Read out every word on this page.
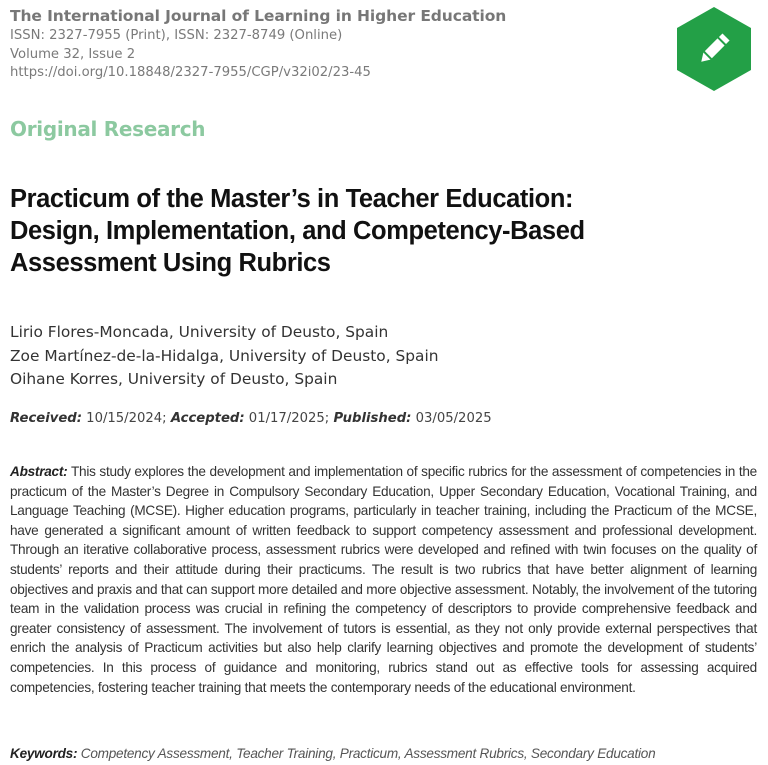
The International Journal of Learning in Higher Education
ISSN: 2327-7955 (Print), ISSN: 2327-8749 (Online)
Volume 32, Issue 2
https://doi.org/10.18848/2327-7955/CGP/v32i02/23-45
Original Research
Practicum of the Master’s in Teacher Education:
Design, Implementation, and Competency-Based
Assessment Using Rubrics
Lirio Flores-Moncada, University of Deusto, Spain
Zoe Martínez-de-la-Hidalga, University of Deusto, Spain
Oihane Korres, University of Deusto, Spain
Received: 10/15/2024; Accepted: 01/17/2025; Published: 03/05/2025
Abstract: This study explores the development and implementation of specific rubrics for the assessment of competencies in the practicum of the Master’s Degree in Compulsory Secondary Education, Upper Secondary Education, Vocational Training, and Language Teaching (MCSE). Higher education programs, particularly in teacher training, including the Practicum of the MCSE, have generated a significant amount of written feedback to support competency assessment and professional development. Through an iterative collaborative process, assessment rubrics were developed and refined with twin focuses on the quality of students’ reports and their attitude during their practicums. The result is two rubrics that have better alignment of learning objectives and praxis and that can support more detailed and more objective assessment. Notably, the involvement of the tutoring team in the validation process was crucial in refining the competency of descriptors to provide comprehensive feedback and greater consistency of assessment. The involvement of tutors is essential, as they not only provide external perspectives that enrich the analysis of Practicum activities but also help clarify learning objectives and promote the development of students’ competencies. In this process of guidance and monitoring, rubrics stand out as effective tools for assessing acquired competencies, fostering teacher training that meets the contemporary needs of the educational environment.
Keywords: Competency Assessment, Teacher Training, Practicum, Assessment Rubrics, Secondary Education
